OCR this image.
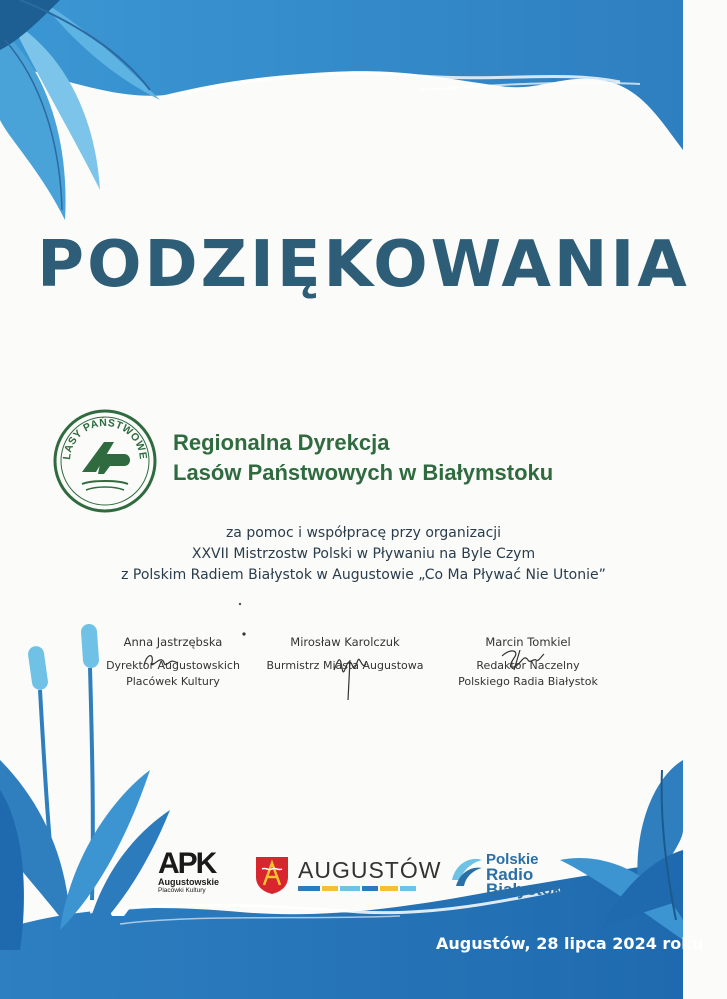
PODZIĘKOWANIA
LASY PAŃSTWOWE
Regionalna Dyrekcja
Lasów Państwowych w Białymstoku
za pomoc i współpracę przy organizacji
XXVII Mistrzostw Polski w Pływaniu na Byle Czym
z Polskim Radiem Białystok w Augustowie „Co Ma Pływać Nie Utonie”
Anna Jastrzębska
Dyrektor Augustowskich
Placówek Kultury
Mirosław Karolczuk
Burmistrz Miasta Augustowa
Marcin Tomkiel
Redaktor Naczelny
Polskiego Radia Białystok
APK
Augustowskie
Placówki Kultury
AUGUSTÓW	Polskie
Radio
Białystok
Augustów, 28 lipca 2024 roku
